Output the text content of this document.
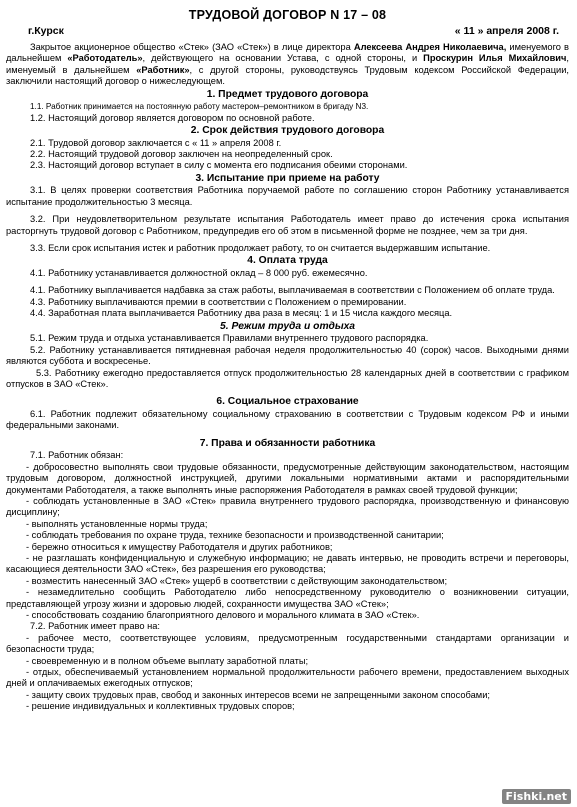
ТРУДОВОЙ ДОГОВОР N 17 – 08
г.Курск	« 11 » апреля 2008 г.

Закрытое акционерное общество «Стек» (ЗАО «Стек») в лице директора Алексеева Андрея Николаевича, именуемого в дальнейшем «Работодатель», действующего на основании Устава, с одной стороны, и Проскурин Илья Михайлович, именуемый в дальнейшем «Работник», с другой стороны, руководствуясь Трудовым кодексом Российской Федерации, заключили настоящий договор о нижеследующем.

1. Предмет трудового договора

1.1. Работник принимается на постоянную работу мастером–ремонтником в бригаду N3.

1.2. Настоящий договор является договором по основной работе.

2. Срок действия трудового договора

2.1. Трудовой договор заключается с « 11 » апреля 2008 г.

2.2. Настоящий трудовой договор заключен на неопределенный срок.

2.3. Настоящий договор вступает в силу с момента его подписания обеими сторонами.

3. Испытание при приеме на работу

3.1. В целях проверки соответствия Работника поручаемой работе по соглашению сторон Работнику устанавливается испытание продолжительностью 3 месяца.

3.2. При неудовлетворительном результате испытания Работодатель имеет право до истечения срока испытания расторгнуть трудовой договор с Работником, предупредив его об этом в письменной форме не позднее, чем за три дня.

3.3. Если срок испытания истек и работник продолжает работу, то он считается выдержавшим испытание.

4. Оплата труда

4.1. Работнику устанавливается должностной оклад – 8 000 руб. ежемесячно.

4.1. Работнику выплачивается надбавка за стаж работы, выплачиваемая в соответствии с Положением об оплате труда.

4.3. Работнику выплачиваются премии в соответствии с Положением о премировании.

4.4. Заработная плата выплачивается Работнику два раза в месяц: 1 и 15 числа каждого месяца.

5. Режим труда и отдыха

5.1. Режим труда и отдыха устанавливается Правилами внутреннего трудового распорядка.

5.2. Работнику устанавливается пятидневная рабочая неделя продолжительностью 40 (сорок) часов. Выходными днями являются суббота и воскресенье.

5.3. Работнику ежегодно предоставляется отпуск продолжительностью 28 календарных дней в соответствии с графиком отпусков в ЗАО «Стек».

6. Социальное страхование

6.1. Работник подлежит обязательному социальному страхованию в соответствии с Трудовым кодексом РФ и иными федеральными законами.

7. Права и обязанности работника

7.1. Работник обязан:

- добросовестно выполнять свои трудовые обязанности, предусмотренные действующим законодательством, настоящим трудовым договором, должностной инструкцией, другими локальными нормативными актами и распорядительными документами Работодателя, а также выполнять иные распоряжения Работодателя в рамках своей трудовой функции;

- соблюдать установленные в ЗАО «Стек» правила внутреннего трудового распорядка, производственную и финансовую дисциплину;

- выполнять установленные нормы труда;

- соблюдать требования по охране труда, технике безопасности и производственной санитарии;

- бережно относиться к имуществу Работодателя и других работников;

- не разглашать конфиденциальную и служебную информацию; не давать интервью, не проводить встречи и переговоры, касающиеся деятельности ЗАО «Стек», без разрешения его руководства;

- возместить нанесенный ЗАО «Стек» ущерб в соответствии с действующим законодательством;

- незамедлительно сообщить Работодателю либо непосредственному руководителю о возникновении ситуации, представляющей угрозу жизни и здоровью людей, сохранности имущества ЗАО «Стек»;

- способствовать созданию благоприятного делового и морального климата в ЗАО «Стек».

7.2. Работник имеет право на:

- рабочее место, соответствующее условиям, предусмотренным государственными стандартами организации и безопасности труда;

- своевременную и в полном объеме выплату заработной платы;

- отдых, обеспечиваемый установлением нормальной продолжительности рабочего времени, предоставлением выходных дней и оплачиваемых ежегодных отпусков;

- защиту своих трудовых прав, свобод и законных интересов всеми не запрещенными законом способами;

- решение индивидуальных и коллективных трудовых споров;

Fishki.net
